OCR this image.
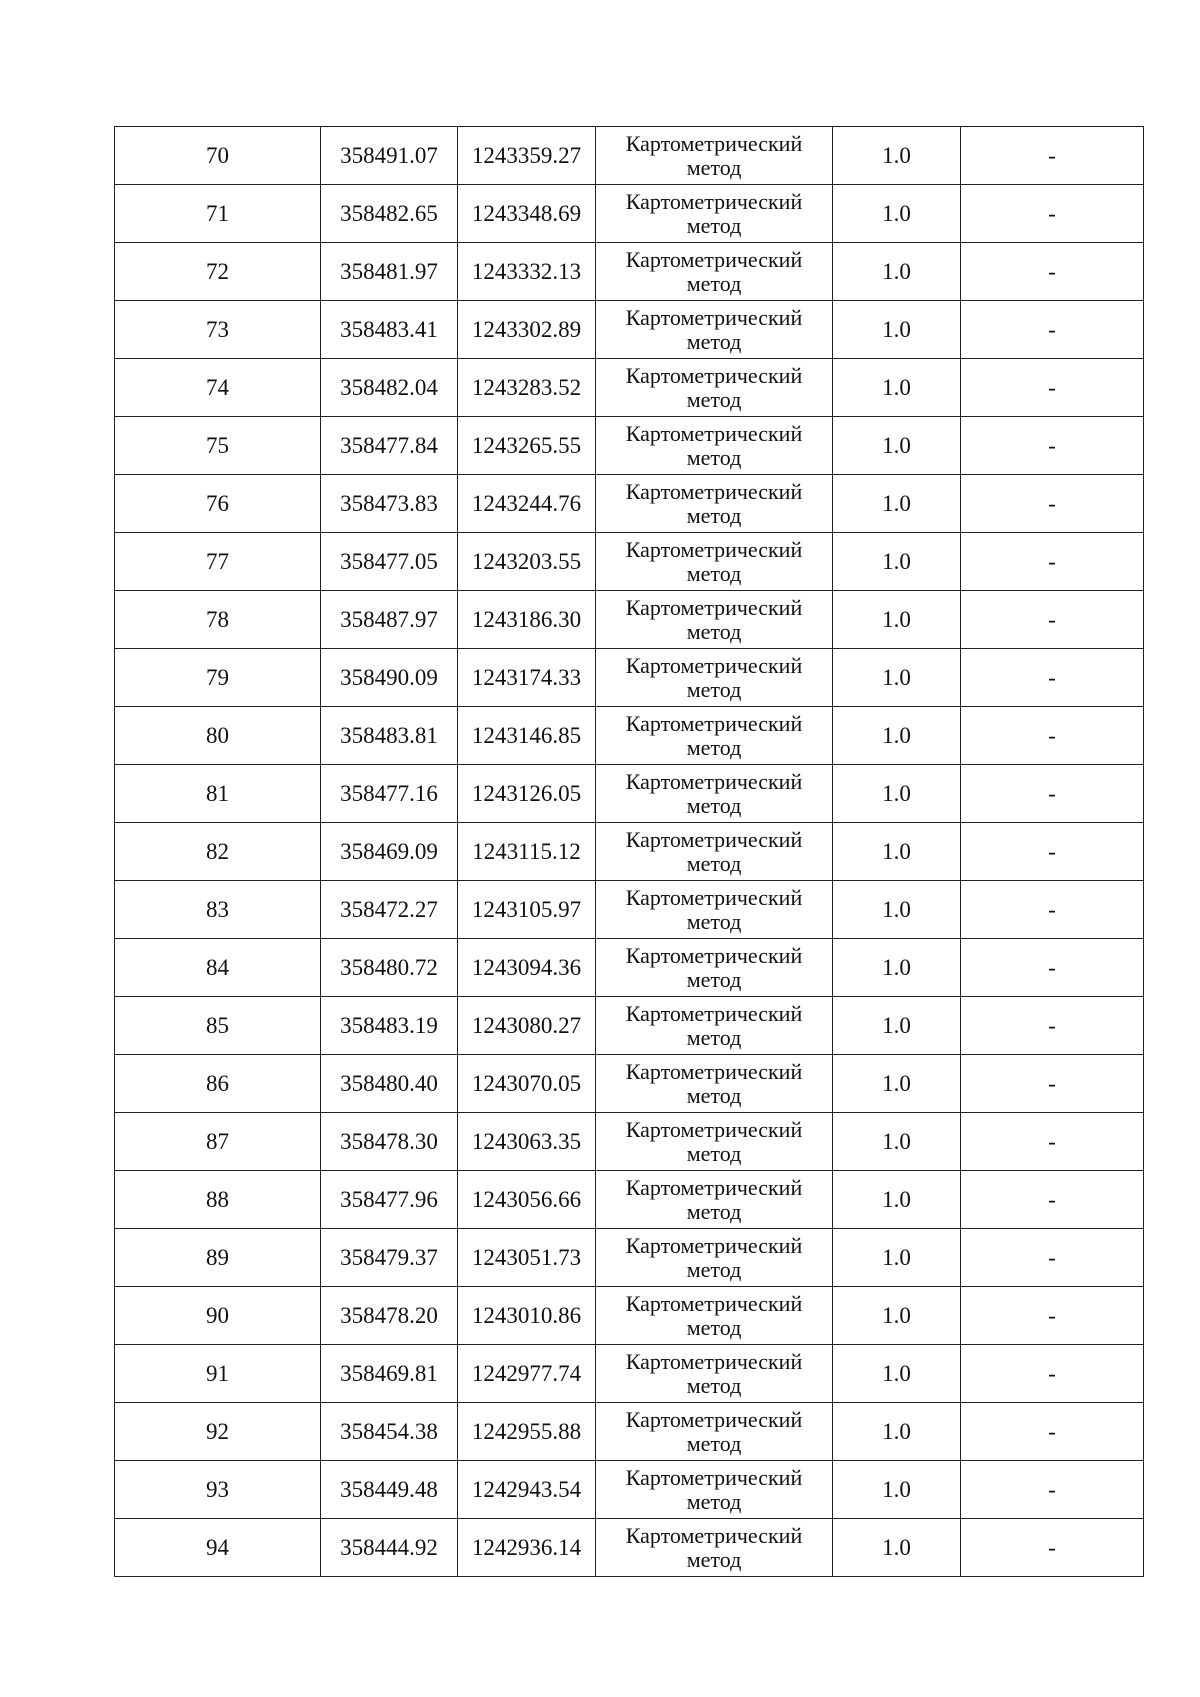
70	358491.07	1243359.27	Картометрический метод	1.0	-
71	358482.65	1243348.69	Картометрический метод	1.0	-
72	358481.97	1243332.13	Картометрический метод	1.0	-
73	358483.41	1243302.89	Картометрический метод	1.0	-
74	358482.04	1243283.52	Картометрический метод	1.0	-
75	358477.84	1243265.55	Картометрический метод	1.0	-
76	358473.83	1243244.76	Картометрический метод	1.0	-
77	358477.05	1243203.55	Картометрический метод	1.0	-
78	358487.97	1243186.30	Картометрический метод	1.0	-
79	358490.09	1243174.33	Картометрический метод	1.0	-
80	358483.81	1243146.85	Картометрический метод	1.0	-
81	358477.16	1243126.05	Картометрический метод	1.0	-
82	358469.09	1243115.12	Картометрический метод	1.0	-
83	358472.27	1243105.97	Картометрический метод	1.0	-
84	358480.72	1243094.36	Картометрический метод	1.0	-
85	358483.19	1243080.27	Картометрический метод	1.0	-
86	358480.40	1243070.05	Картометрический метод	1.0	-
87	358478.30	1243063.35	Картометрический метод	1.0	-
88	358477.96	1243056.66	Картометрический метод	1.0	-
89	358479.37	1243051.73	Картометрический метод	1.0	-
90	358478.20	1243010.86	Картометрический метод	1.0	-
91	358469.81	1242977.74	Картометрический метод	1.0	-
92	358454.38	1242955.88	Картометрический метод	1.0	-
93	358449.48	1242943.54	Картометрический метод	1.0	-
94	358444.92	1242936.14	Картометрический метод	1.0	-
